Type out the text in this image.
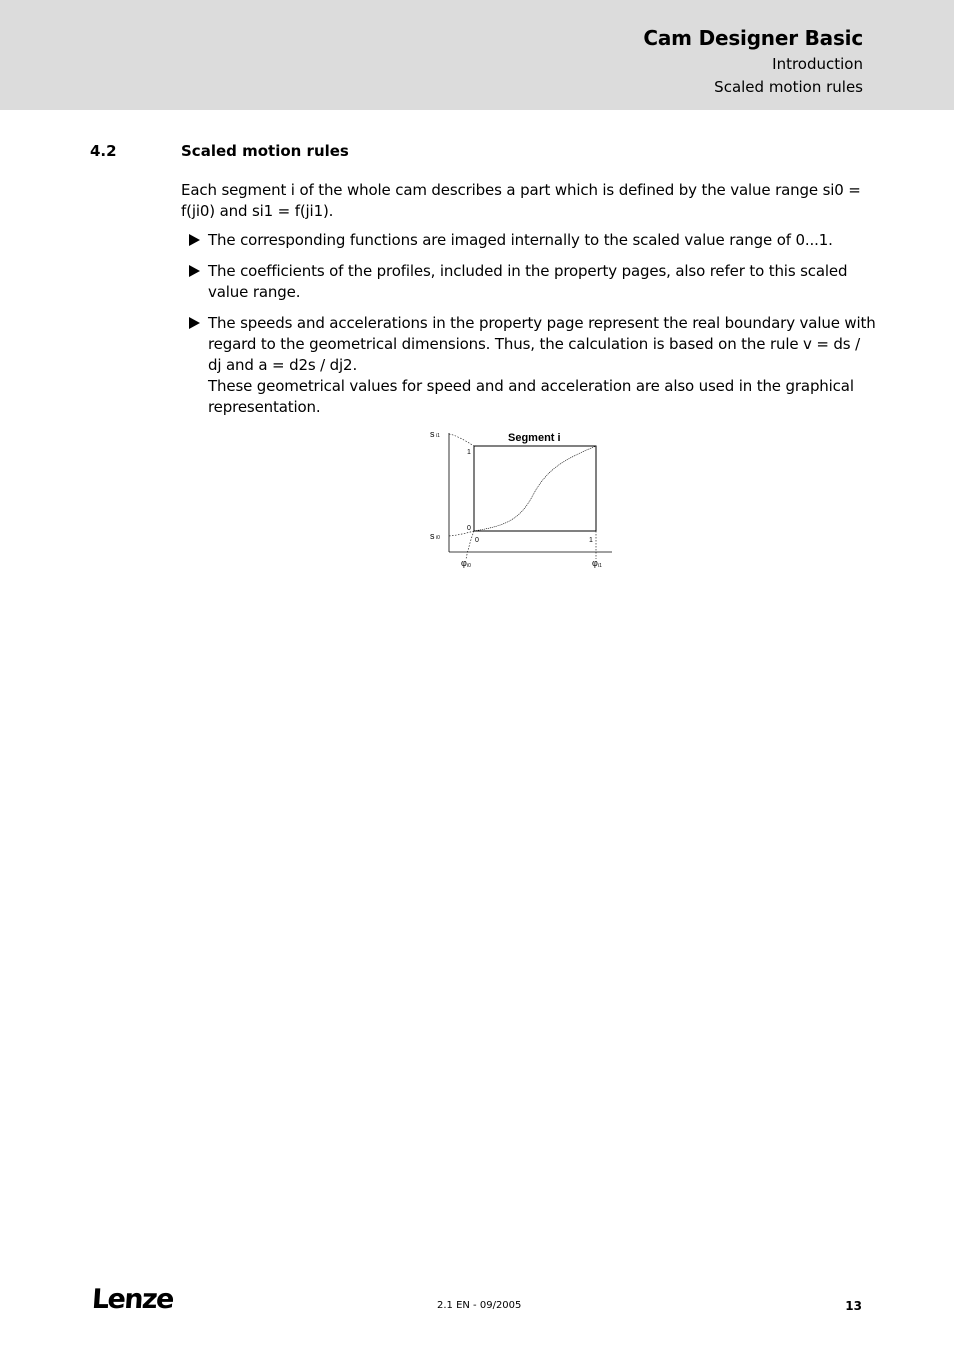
Cam Designer Basic
Introduction
Scaled motion rules
4.2	Scaled motion rules

Each segment i of the whole cam describes a part which is defined by the value range si0 = f(ji0) and si1 = f(ji1).

The corresponding functions are imaged internally to the scaled value range of 0...1.
The coefficients of the profiles, included in the property pages, also refer to this scaled value range.
The speeds and accelerations in the property page represent the real boundary value with regard to the geometrical dimensions. Thus, the calculation is based on the rule v = ds / dj and a = d2s / dj2.
These geometrical values for speed and and acceleration are also used in the graphical representation.
Segment i
s i1
s i0
1
0
0	1
φ i0	φ i1
Lenze	2.1 EN - 09/2005	13
